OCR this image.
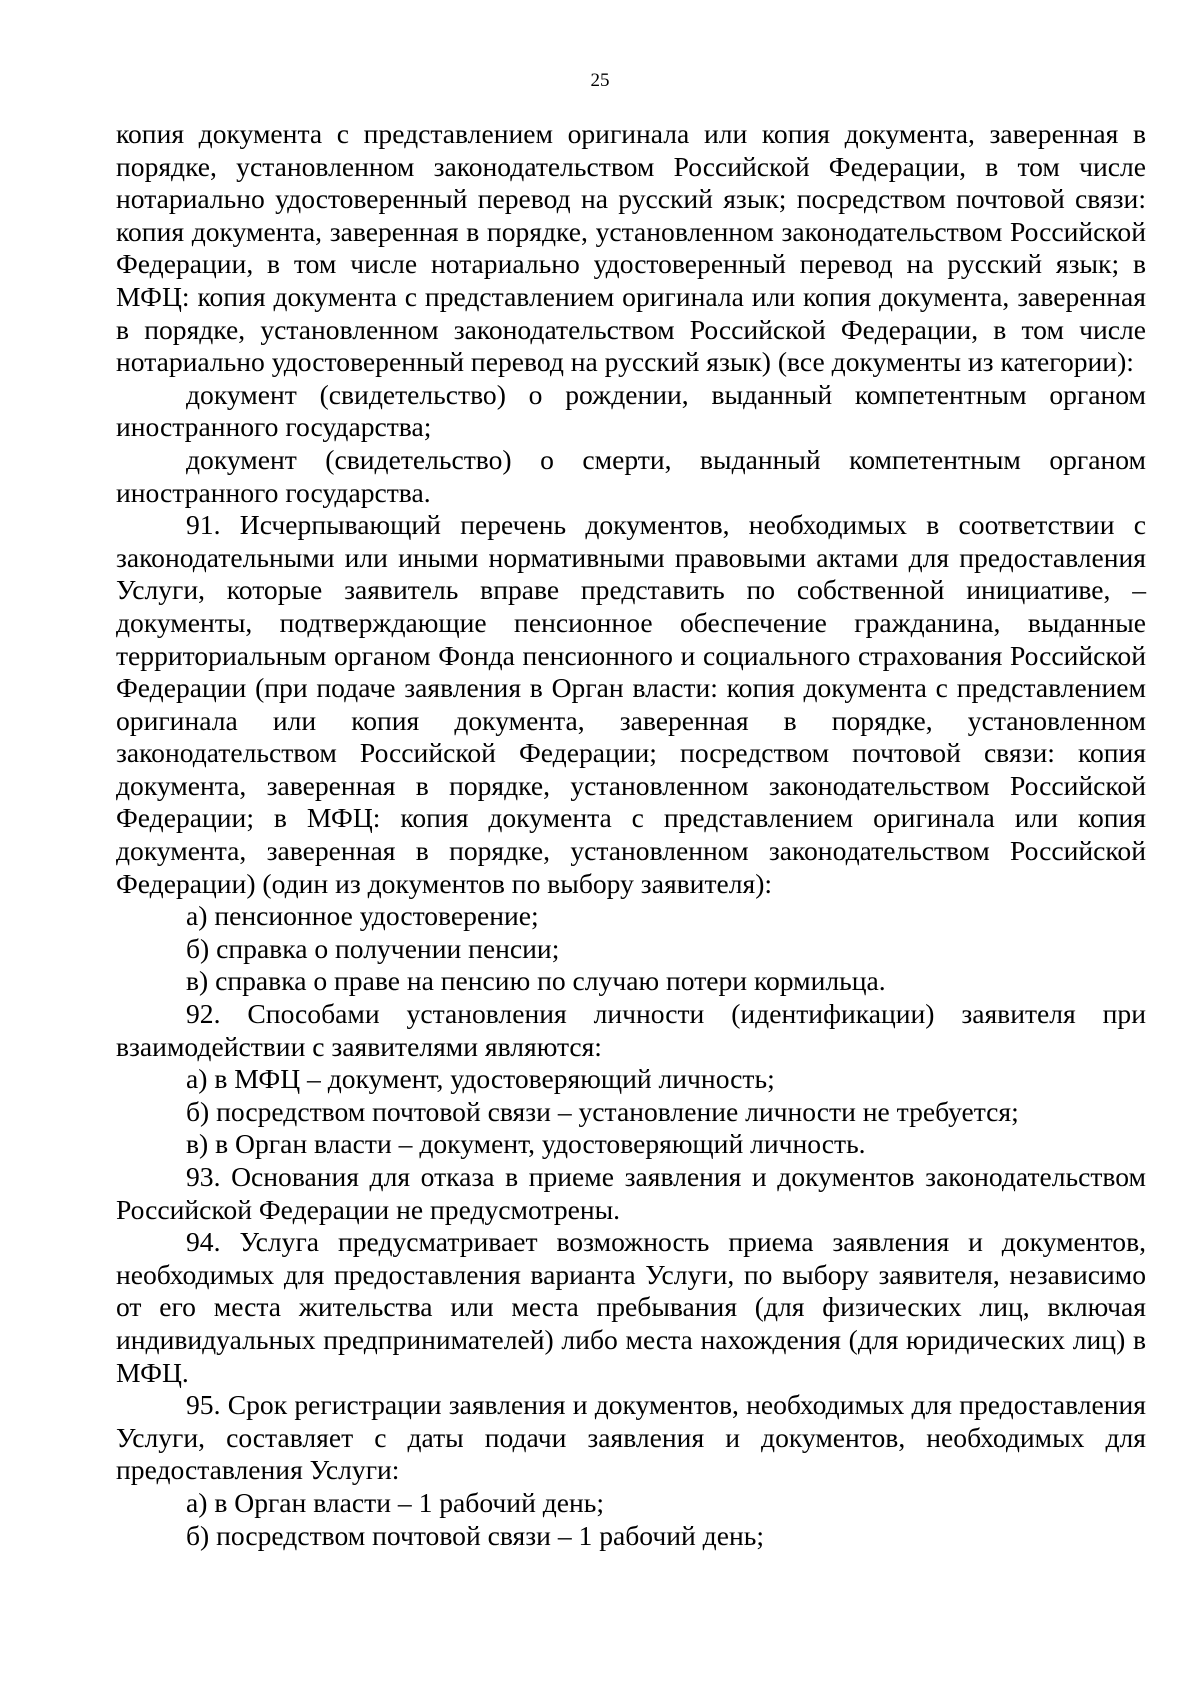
25

копия документа с представлением оригинала или копия документа, заверенная в порядке, установленном законодательством Российской Федерации, в том числе нотариально удостоверенный перевод на русский язык; посредством почтовой связи: копия документа, заверенная в порядке, установленном законодательством Российской Федерации, в том числе нотариально удостоверенный перевод на русский язык; в МФЦ: копия документа с представлением оригинала или копия документа, заверенная в порядке, установленном законодательством Российской Федерации, в том числе нотариально удостоверенный перевод на русский язык) (все документы из категории):

документ (свидетельство) о рождении, выданный компетентным органом иностранного государства;

документ (свидетельство) о смерти, выданный компетентным органом иностранного государства.

91. Исчерпывающий перечень документов, необходимых в соответствии с законодательными или иными нормативными правовыми актами для предоставления Услуги, которые заявитель вправе представить по собственной инициативе, – документы, подтверждающие пенсионное обеспечение гражданина, выданные территориальным органом Фонда пенсионного и социального страхования Российской Федерации (при подаче заявления в Орган власти: копия документа с представлением оригинала или копия документа, заверенная в порядке, установленном законодательством Российской Федерации; посредством почтовой связи: копия документа, заверенная в порядке, установленном законодательством Российской Федерации; в МФЦ: копия документа с представлением оригинала или копия документа, заверенная в порядке, установленном законодательством Российской Федерации) (один из документов по выбору заявителя):

а) пенсионное удостоверение;

б) справка о получении пенсии;

в) справка о праве на пенсию по случаю потери кормильца.

92. Способами установления личности (идентификации) заявителя при взаимодействии с заявителями являются:

а) в МФЦ – документ, удостоверяющий личность;

б) посредством почтовой связи – установление личности не требуется;

в) в Орган власти – документ, удостоверяющий личность.

93. Основания для отказа в приеме заявления и документов законодательством Российской Федерации не предусмотрены.

94. Услуга предусматривает возможность приема заявления и документов, необходимых для предоставления варианта Услуги, по выбору заявителя, независимо от его места жительства или места пребывания (для физических лиц, включая индивидуальных предпринимателей) либо места нахождения (для юридических лиц) в МФЦ.

95. Срок регистрации заявления и документов, необходимых для предоставления Услуги, составляет с даты подачи заявления и документов, необходимых для предоставления Услуги:

а) в Орган власти – 1 рабочий день;

б) посредством почтовой связи – 1 рабочий день;
